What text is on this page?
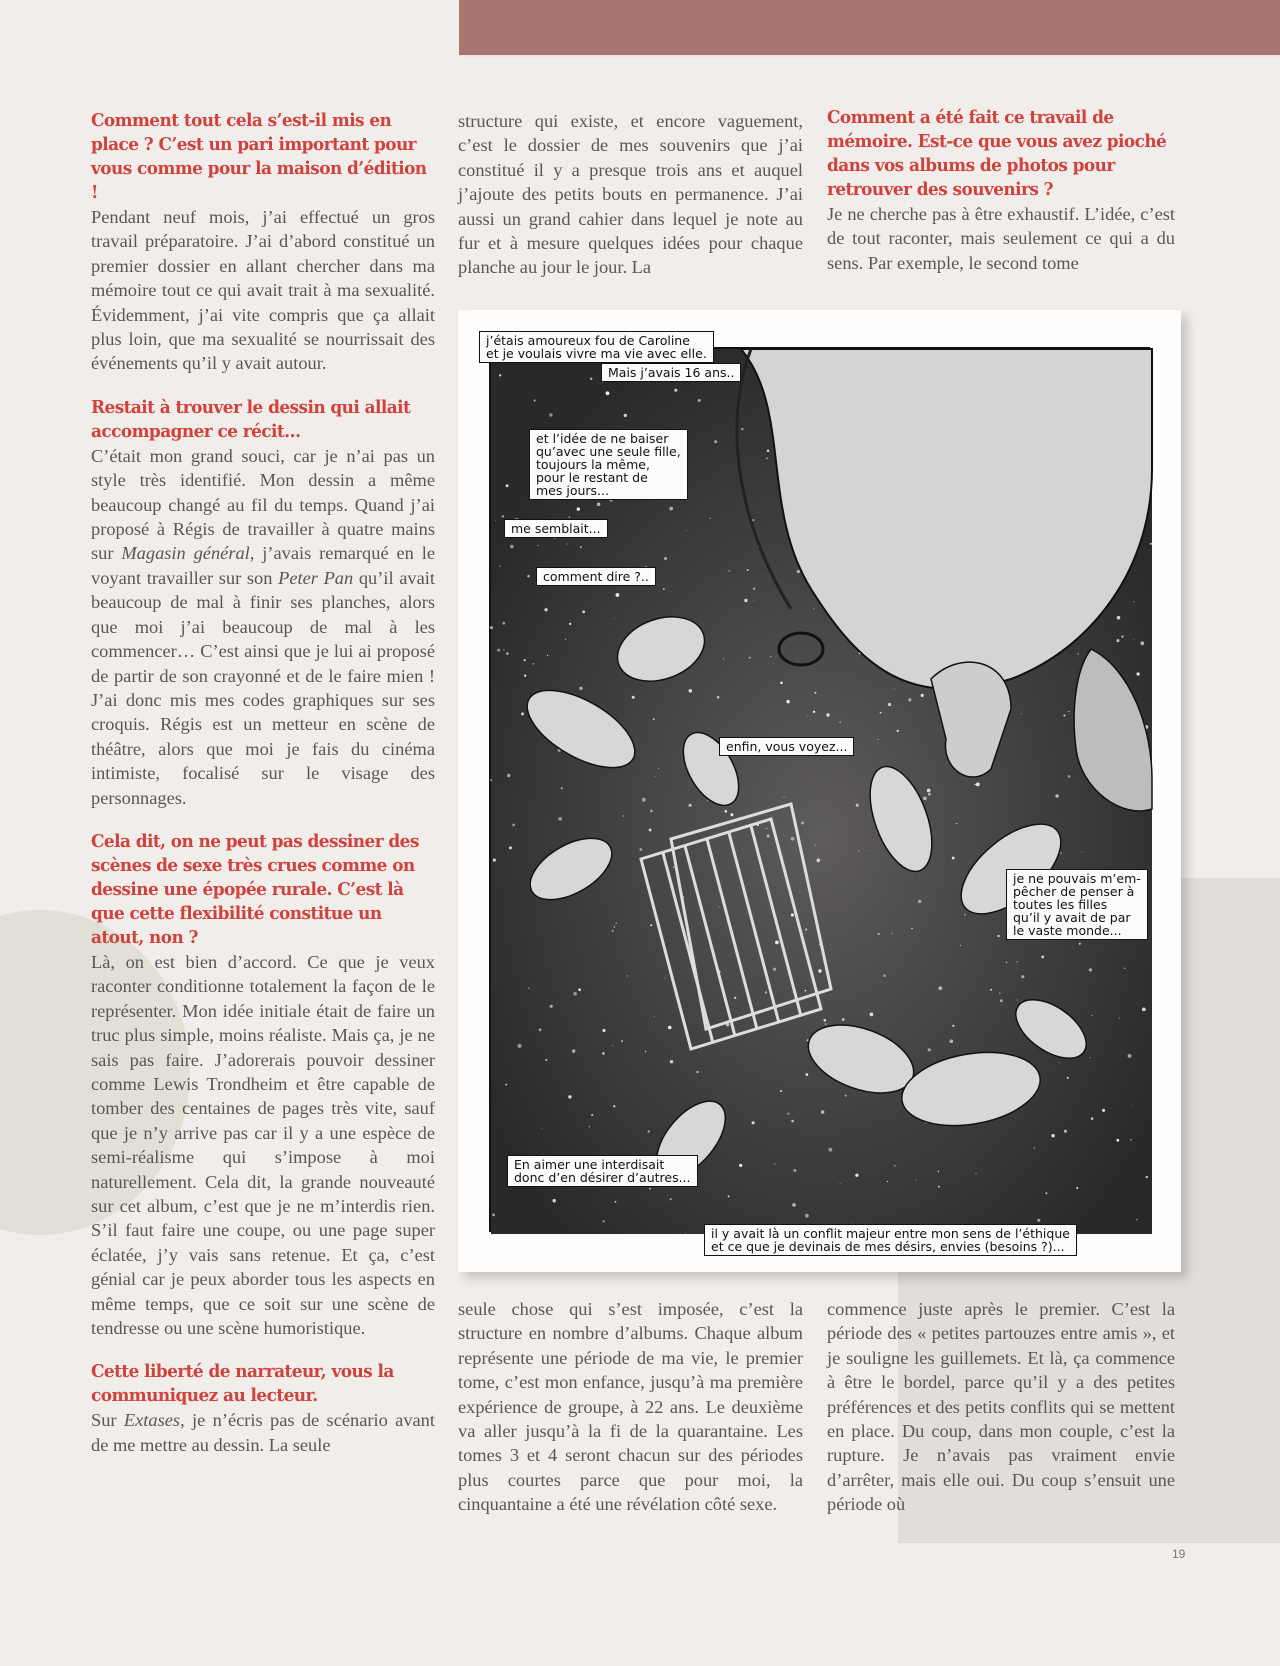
Comment tout cela s’est-il mis en place ? C’est un pari important pour vous comme pour la maison d’édition !

Pendant neuf mois, j’ai effectué un gros travail préparatoire. J’ai d’abord constitué un premier dossier en allant chercher dans ma mémoire tout ce qui avait trait à ma sexualité. Évidemment, j’ai vite compris que ça allait plus loin, que ma sexualité se nourrissait des événements qu’il y avait autour.

Restait à trouver le dessin qui allait accompagner ce récit…

C’était mon grand souci, car je n’ai pas un style très identifié. Mon dessin a même beaucoup changé au fil du temps. Quand j’ai proposé à Régis de travailler à quatre mains sur Magasin général, j’avais remarqué en le voyant travailler sur son Peter Pan qu’il avait beaucoup de mal à finir ses planches, alors que moi j’ai beaucoup de mal à les commencer… C’est ainsi que je lui ai proposé de partir de son crayonné et de le faire mien ! J’ai donc mis mes codes graphiques sur ses croquis. Régis est un metteur en scène de théâtre, alors que moi je fais du cinéma intimiste, focalisé sur le visage des personnages.

Cela dit, on ne peut pas dessiner des scènes de sexe très crues comme on dessine une épopée rurale. C’est là que cette flexibilité constitue un atout, non ?

Là, on est bien d’accord. Ce que je veux raconter conditionne totalement la façon de le représenter. Mon idée initiale était de faire un truc plus simple, moins réaliste. Mais ça, je ne sais pas faire. J’adorerais pouvoir dessiner comme Lewis Trondheim et être capable de tomber des centaines de pages très vite, sauf que je n’y arrive pas car il y a une espèce de semi-réalisme qui s’impose à moi naturellement. Cela dit, la grande nouveauté sur cet album, c’est que je ne m’interdis rien. S’il faut faire une coupe, ou une page super éclatée, j’y vais sans retenue. Et ça, c’est génial car je peux aborder tous les aspects en même temps, que ce soit sur une scène de tendresse ou une scène humoristique.

Cette liberté de narrateur, vous la communiquez au lecteur.

Sur Extases, je n’écris pas de scénario avant de me mettre au dessin. La seule

structure qui existe, et encore vaguement, c’est le dossier de mes souvenirs que j’ai constitué il y a presque trois ans et auquel j’ajoute des petits bouts en permanence. J’ai aussi un grand cahier dans lequel je note au fur et à mesure quelques idées pour chaque planche au jour le jour. La

Comment a été fait ce travail de mémoire. Est-ce que vous avez pioché dans vos albums de photos pour retrouver des souvenirs ?

Je ne cherche pas à être exhaustif. L’idée, c’est de tout raconter, mais seulement ce qui a du sens. Par exemple, le second tome

j’étais amoureux fou de Caroline
et je voulais vivre ma vie avec elle.
Mais j’avais 16 ans..
et l’idée de ne baiser
qu’avec une seule fille,
toujours la même,
pour le restant de
mes jours...
me semblait...
comment dire ?..
enfin, vous voyez...
je ne pouvais m’em-
pêcher de penser à
toutes les filles
qu’il y avait de par
le vaste monde...
En aimer une interdisait
donc d’en désirer d’autres...
il y avait là un conflit majeur entre mon sens de l’éthique
et ce que je devinais de mes désirs, envies (besoins ?)...

seule chose qui s’est imposée, c’est la structure en nombre d’albums. Chaque album représente une période de ma vie, le premier tome, c’est mon enfance, jusqu’à ma première expérience de groupe, à 22 ans. Le deuxième va aller jusqu’à la fi de la quarantaine. Les tomes 3 et 4 seront chacun sur des périodes plus courtes parce que pour moi, la cinquantaine a été une révélation côté sexe.

commence juste après le premier. C’est la période des « petites partouzes entre amis », et je souligne les guillemets. Et là, ça commence à être le bordel, parce qu’il y a des petites préférences et des petits conflits qui se mettent en place. Du coup, dans mon couple, c’est la rupture. Je n’avais pas vraiment envie d’arrêter, mais elle oui. Du coup s’ensuit une période où

19
